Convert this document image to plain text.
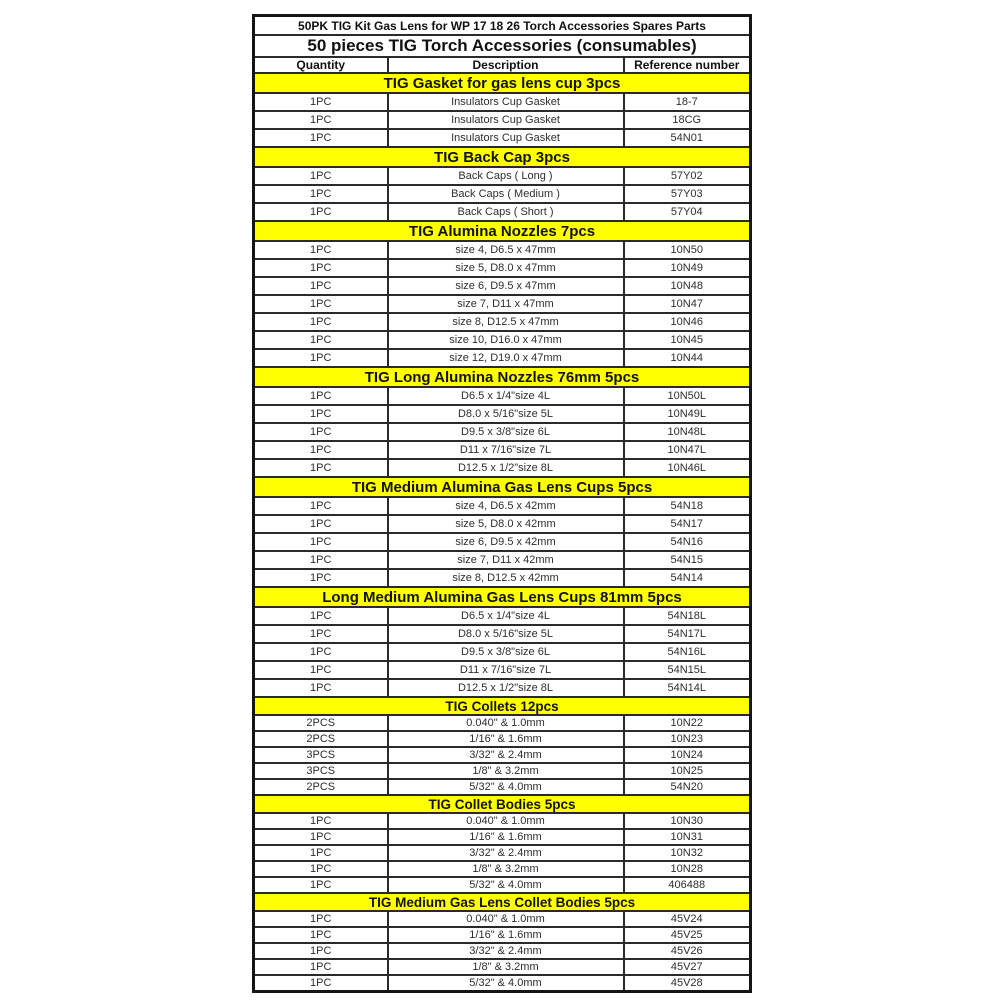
50PK TIG Kit Gas Lens for WP 17 18 26 Torch Accessories Spares Parts		
50 pieces TIG Torch Accessories (consumables)		
Quantity	Description	Reference number
TIG Gasket for gas lens cup 3pcs		
1PC	Insulators Cup Gasket	18-7
1PC	Insulators Cup Gasket	18CG
1PC	Insulators Cup Gasket	54N01
TIG Back Cap 3pcs		
1PC	Back Caps ( Long )	57Y02
1PC	Back Caps ( Medium )	57Y03
1PC	Back Caps ( Short )	57Y04
TIG Alumina Nozzles 7pcs		
1PC	size 4, D6.5 x 47mm	10N50
1PC	size 5, D8.0 x 47mm	10N49
1PC	size 6, D9.5 x 47mm	10N48
1PC	size 7, D11 x 47mm	10N47
1PC	size 8, D12.5 x 47mm	10N46
1PC	size 10, D16.0 x 47mm	10N45
1PC	size 12, D19.0 x 47mm	10N44
TIG Long Alumina Nozzles 76mm 5pcs		
1PC	D6.5 x 1/4"size 4L	10N50L
1PC	D8.0 x 5/16"size 5L	10N49L
1PC	D9.5 x 3/8"size 6L	10N48L
1PC	D11 x 7/16"size 7L	10N47L
1PC	D12.5 x 1/2"size 8L	10N46L
TIG Medium Alumina Gas Lens Cups 5pcs		
1PC	size 4, D6.5 x 42mm	54N18
1PC	size 5, D8.0 x 42mm	54N17
1PC	size 6, D9.5 x 42mm	54N16
1PC	size 7, D11 x 42mm	54N15
1PC	size 8, D12.5 x 42mm	54N14
Long Medium Alumina Gas Lens Cups 81mm 5pcs		
1PC	D6.5 x 1/4"size 4L	54N18L
1PC	D8.0 x 5/16"size 5L	54N17L
1PC	D9.5 x 3/8"size 6L	54N16L
1PC	D11 x 7/16"size 7L	54N15L
1PC	D12.5 x 1/2"size 8L	54N14L
TIG Collets 12pcs		
2PCS	0.040" & 1.0mm	10N22
2PCS	1/16" & 1.6mm	10N23
3PCS	3/32" & 2.4mm	10N24
3PCS	1/8" & 3.2mm	10N25
2PCS	5/32" & 4.0mm	54N20
TIG Collet Bodies 5pcs		
1PC	0.040" & 1.0mm	10N30
1PC	1/16" & 1.6mm	10N31
1PC	3/32" & 2.4mm	10N32
1PC	1/8" & 3.2mm	10N28
1PC	5/32" & 4.0mm	406488
TIG Medium Gas Lens Collet Bodies 5pcs		
1PC	0.040" & 1.0mm	45V24
1PC	1/16" & 1.6mm	45V25
1PC	3/32" & 2.4mm	45V26
1PC	1/8" & 3.2mm	45V27
1PC	5/32" & 4.0mm	45V28
